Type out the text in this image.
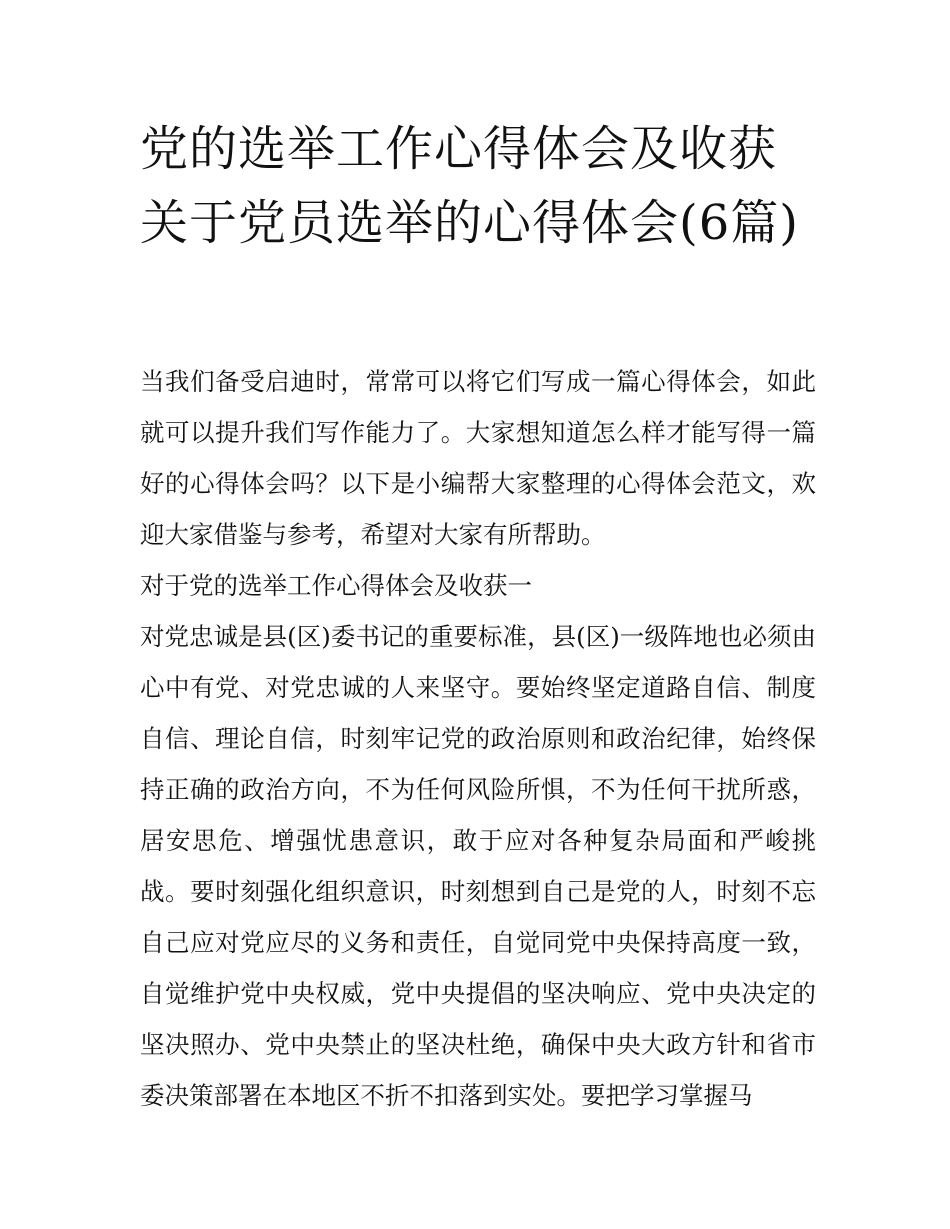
党的选举工作心得体会及收获关于党员选举的心得体会(6篇)

当我们备受启迪时，常常可以将它们写成一篇心得体会，如此就可以提升我们写作能力了。大家想知道怎么样才能写得一篇好的心得体会吗？以下是小编帮大家整理的心得体会范文，欢迎大家借鉴与参考，希望对大家有所帮助。

对于党的选举工作心得体会及收获一

对党忠诚是县(区)委书记的重要标准，县(区)一级阵地也必须由心中有党、对党忠诚的人来坚守。要始终坚定道路自信、制度自信、理论自信，时刻牢记党的政治原则和政治纪律，始终保持正确的政治方向，不为任何风险所惧，不为任何干扰所惑，居安思危、增强忧患意识，敢于应对各种复杂局面和严峻挑战。要时刻强化组织意识，时刻想到自己是党的人，时刻不忘自己应对党应尽的义务和责任，自觉同党中央保持高度一致，自觉维护党中央权威，党中央提倡的坚决响应、党中央决定的坚决照办、党中央禁止的坚决杜绝，确保中央大政方针和省市委决策部署在本地区不折不扣落到实处。要把学习掌握马
